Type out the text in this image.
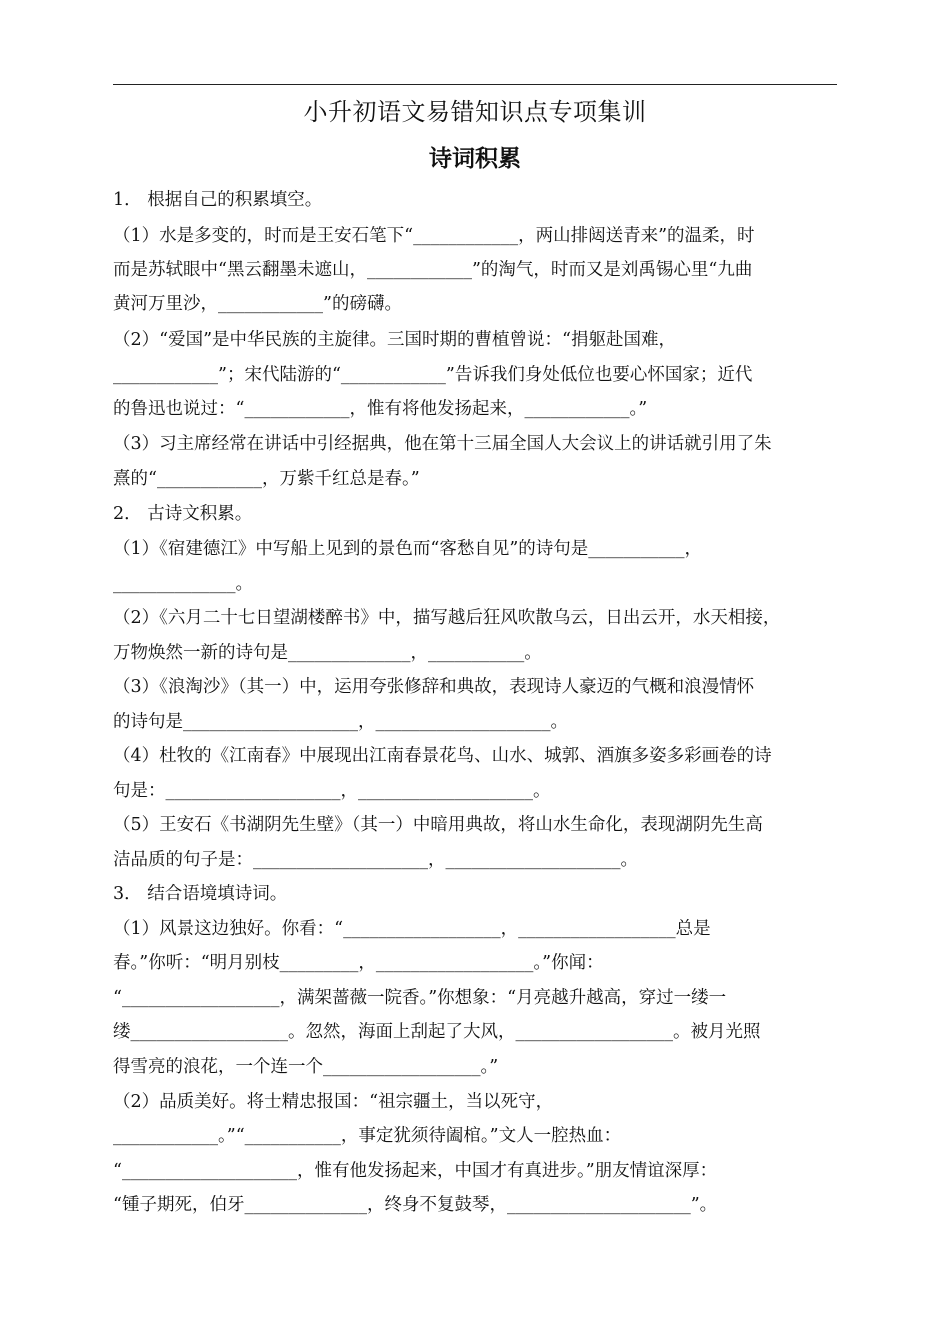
小升初语文易错知识点专项集训
诗词积累
1． 根据自己的积累填空。
（1）水是多变的，时而是王安石笔下“____________，两山排闼送青来”的温柔，时
而是苏轼眼中“黑云翻墨未遮山，____________”的淘气，时而又是刘禹锡心里“九曲
黄河万里沙，____________”的磅礴。
（2）“爱国”是中华民族的主旋律。三国时期的曹植曾说：“捐躯赴国难，
____________”；宋代陆游的“____________”告诉我们身处低位也要心怀国家；近代
的鲁迅也说过：“____________，惟有将他发扬起来，____________。”
（3）习主席经常在讲话中引经据典，他在第十三届全国人大会议上的讲话就引用了朱
熹的“____________，万紫千红总是春。”
2． 古诗文积累。
（1）《宿建德江》中写船上见到的景色而“客愁自见”的诗句是___________，
______________。
（2）《六月二十七日望湖楼醉书》中，描写越后狂风吹散乌云，日出云开，水天相接，
万物焕然一新的诗句是______________，___________。
（3）《浪淘沙》（其一）中，运用夸张修辞和典故，表现诗人豪迈的气概和浪漫情怀
的诗句是____________________，____________________。
（4）杜牧的《江南春》中展现出江南春景花鸟、山水、城郭、酒旗多姿多彩画卷的诗
句是：____________________，____________________。
（5）王安石《书湖阴先生壁》（其一）中暗用典故，将山水生命化，表现湖阴先生高
洁品质的句子是：____________________，____________________。
3． 结合语境填诗词。
（1）风景这边独好。你看：“__________________，__________________总是
春。”你听：“明月别枝_________，__________________。”你闻：
“__________________，满架蔷薇一院香。”你想象：“月亮越升越高，穿过一缕一
缕__________________。忽然，海面上刮起了大风，__________________。被月光照
得雪亮的浪花，一个连一个__________________。”
（2）品质美好。将士精忠报国：“祖宗疆土，当以死守，
____________。”“___________，事定犹须待阖棺。”文人一腔热血：
“____________________，惟有他发扬起来，中国才有真进步。”朋友情谊深厚：
“锺子期死，伯牙______________，终身不复鼓琴，_____________________”。
